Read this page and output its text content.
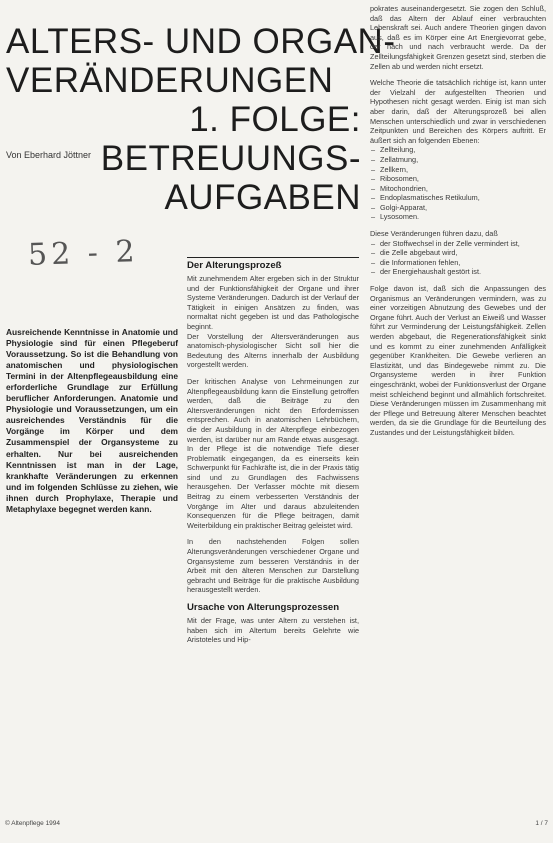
ALTERS- UND ORGAN-
VERÄNDERUNGEN
1. FOLGE:
BETREUUNGS-
AUFGABEN
Von Eberhard Jöttner
52 - 2
Ausreichende Kenntnisse in Anatomie und Physiologie sind für einen Pflegeberuf Voraussetzung. So ist die Behandlung von anatomischen und physiologischen Termini in der Altenpflegeausbildung eine erforderliche Grundlage zur Erfüllung beruflicher Anforderungen. Anatomie und Physiologie und Voraussetzungen, um ein ausreichendes Verständnis für die Vorgänge im Körper und dem Zusammenspiel der Organsysteme zu erhalten. Nur bei ausreichenden Kenntnissen ist man in der Lage, krankhafte Veränderungen zu erkennen und im folgenden Schlüsse zu ziehen, wie ihnen durch Prophylaxe, Therapie und Metaphylaxe begegnet werden kann.
Der Alterungsprozeß

Mit zunehmendem Alter ergeben sich in der Struktur und der Funktionsfähigkeit der Organe und ihrer Systeme Veränderungen. Dadurch ist der Verlauf der Tätigkeit in einigen Ansätzen zu finden, was normaltat nicht gegeben ist und das Pathologische beginnt.

Der Vorstellung der Altersveränderungen aus anatomisch-physiologischer Sicht soll hier die Bedeutung des Alterns innerhalb der Ausbildung vorgestellt werden.

Der kritischen Analyse von Lehrmeinungen zur Altenpflegeausbildung kann die Einstellung getroffen werden, daß die Beiträge zu den Altersveränderungen nicht den Erfordernissen entsprechen. Auch in anatomischen Lehrbüchern, die der Ausbildung in der Altenpflege einbezogen werden, ist darüber nur am Rande etwas ausgesagt. In der Pflege ist die notwendige Tiefe dieser Problematik eingegangen, da es einerseits kein Schwerpunkt für Fachkräfte ist, die in der Praxis tätig sind und zu Grundlagen des Fachwissens herausgehen. Der Verfasser möchte mit diesem Beitrag zu einem verbesserten Verständnis der Vorgänge im Alter und daraus abzuleitenden Konsequenzen für die Pflege beitragen, damit Weiterbildung ein praktischer Beitrag geleistet wird.

In den nachstehenden Folgen sollen Alterungsveränderungen verschiedener Organe und Organsysteme zum besseren Verständnis in der Arbeit mit den älteren Menschen zur Darstellung gebracht und Beiträge für die praktische Ausbildung herausgestellt werden.

Ursache von Alterungsprozessen

Mit der Frage, was unter Altern zu verstehen ist, haben sich im Altertum bereits Gelehrte wie Aristoteles und Hip-

pokrates auseinandergesetzt. Sie zogen den Schluß, daß das Altern der Ablauf einer verbrauchten Lebenskraft sei. Auch andere Theorien gingen davon aus, daß es im Körper eine Art Energievorrat gebe, der nach und nach verbraucht werde. Da der Zellteilungsfähigkeit Grenzen gesetzt sind, sterben die Zellen ab und werden nicht ersetzt.

Welche Theorie die tatsächlich richtige ist, kann unter der Vielzahl der aufgestellten Theorien und Hypothesen nicht gesagt werden. Einig ist man sich aber darin, daß der Alterungsprozeß bei allen Menschen unterschiedlich und zwar in verschiedenen Zeitpunkten und Bereichen des Körpers auftritt. Er äußert sich an folgenden Ebenen:

– Zellteilung,
– Zellatmung,
– Zellkern,
– Ribosomen,
– Mitochondrien,
– Endoplasmatisches Retikulum,
– Golgi-Apparat,
– Lysosomen.

Diese Veränderungen führen dazu, daß

– der Stoffwechsel in der Zelle vermindert ist,
– die Zelle abgebaut wird,
– die Informationen fehlen,
– der Energiehaushalt gestört ist.

Folge davon ist, daß sich die Anpassungen des Organismus an Veränderungen vermindern, was zu einer vorzeitigen Abnutzung des Gewebes und der Organe führt. Auch der Verlust an Eiweiß und Wasser führt zur Verminderung der Leistungsfähigkeit. Zellen werden abgebaut, die Regenerationsfähigkeit sinkt und es kommt zu einer zunehmenden Anfälligkeit gegenüber Krankheiten. Die Gewebe verlieren an Elastizität, und das Bindegewebe nimmt zu. Die Organsysteme werden in ihrer Funktion eingeschränkt, wobei der Funktionsverlust der Organe meist schleichend beginnt und allmählich fortschreitet. Diese Veränderungen müssen im Zusammenhang mit der Pflege und Betreuung älterer Menschen beachtet werden, da sie die Grundlage für die Beurteilung des Zustandes und der Leistungsfähigkeit bilden.

© Altenpflege 1994	1 / 7
